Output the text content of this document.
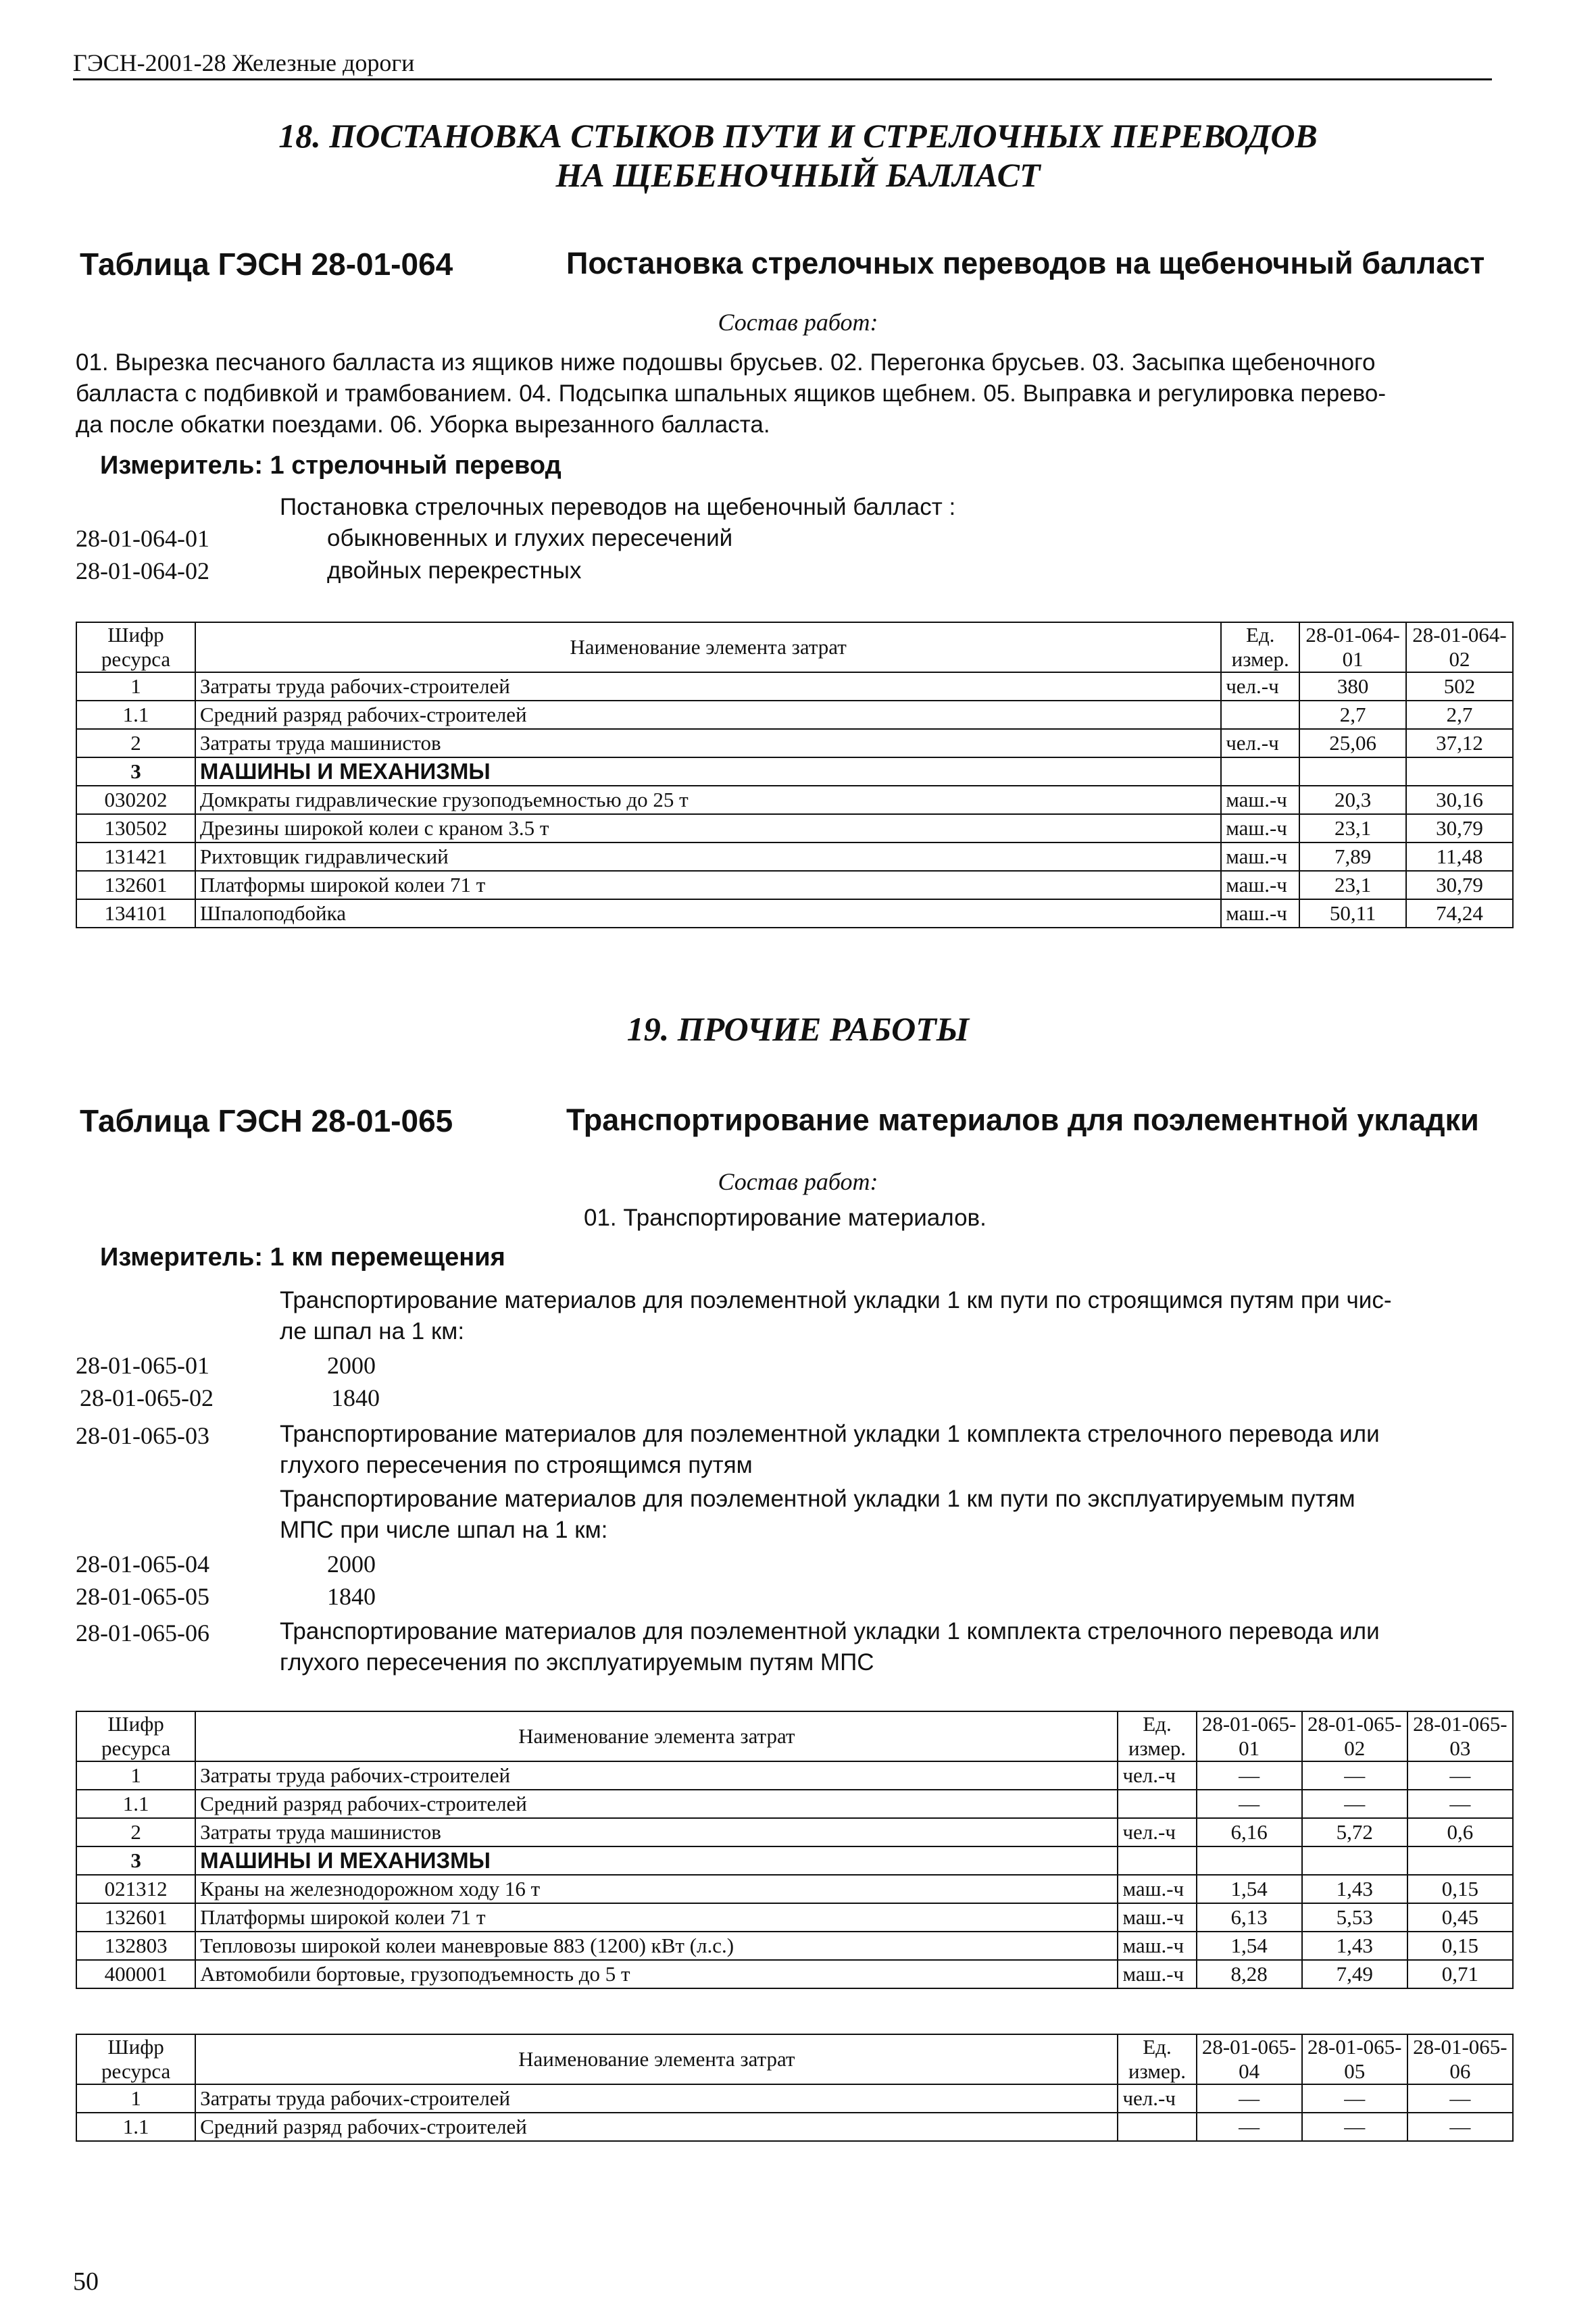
ГЭСН-2001-28 Железные дороги
18. ПОСТАНОВКА СТЫКОВ ПУТИ И СТРЕЛОЧНЫХ ПЕРЕВОДОВ НА ЩЕБЕНОЧНЫЙ БАЛЛАСТ
Таблица ГЭСН 28-01-064	Постановка стрелочных переводов на щебеночный балласт
Состав работ:
01. Вырезка песчаного балласта из ящиков ниже подошвы брусьев. 02. Перегонка брусьев. 03. Засыпка щебеночного
балласта с подбивкой и трамбованием. 04. Подсыпка шпальных ящиков щебнем. 05. Выправка и регулировка перево-
да после обкатки поездами. 06. Уборка вырезанного балласта.
Измеритель: 1 стрелочный перевод
Постановка стрелочных переводов на щебеночный балласт :
28-01-064-01	обыкновенных и глухих пересечений
28-01-064-02	двойных перекрестных
Шифр ресурса	Наименование элемента затрат	Ед. измер.	28-01-064-01	28-01-064-02
1	Затраты труда рабочих-строителей	чел.-ч	380	502
1.1	Средний разряд рабочих-строителей		2,7	2,7
2	Затраты труда машинистов	чел.-ч	25,06	37,12
3	МАШИНЫ И МЕХАНИЗМЫ			
030202	Домкраты гидравлические грузоподъемностью до 25 т	маш.-ч	20,3	30,16
130502	Дрезины широкой колеи с краном 3.5 т	маш.-ч	23,1	30,79
131421	Рихтовщик гидравлический	маш.-ч	7,89	11,48
132601	Платформы широкой колеи 71 т	маш.-ч	23,1	30,79
134101	Шпалоподбойка	маш.-ч	50,11	74,24
19. ПРОЧИЕ РАБОТЫ
Таблица ГЭСН 28-01-065	Транспортирование материалов для поэлементной укладки
Состав работ:
01. Транспортирование материалов.
Измеритель: 1 км перемещения
Транспортирование материалов для поэлементной укладки 1 км пути по строящимся путям при чис-
ле шпал на 1 км:
28-01-065-01	2000
28-01-065-02	1840
28-01-065-03	Транспортирование материалов для поэлементной укладки 1 комплекта стрелочного перевода или
глухого пересечения по строящимся путям
Транспортирование материалов для поэлементной укладки 1 км пути по эксплуатируемым путям
МПС при числе шпал на 1 км:
28-01-065-04	2000
28-01-065-05	1840
28-01-065-06	Транспортирование материалов для поэлементной укладки 1 комплекта стрелочного перевода или
глухого пересечения по эксплуатируемым путям МПС
Шифр ресурса	Наименование элемента затрат	Ед. измер.	28-01-065-01	28-01-065-02	28-01-065-03
1	Затраты труда рабочих-строителей	чел.-ч	—	—	—
1.1	Средний разряд рабочих-строителей		—	—	—
2	Затраты труда машинистов	чел.-ч	6,16	5,72	0,6
3	МАШИНЫ И МЕХАНИЗМЫ				
021312	Краны на железнодорожном ходу 16 т	маш.-ч	1,54	1,43	0,15
132601	Платформы широкой колеи 71 т	маш.-ч	6,13	5,53	0,45
132803	Тепловозы широкой колеи маневровые 883 (1200) кВт (л.с.)	маш.-ч	1,54	1,43	0,15
400001	Автомобили бортовые, грузоподъемность до 5 т	маш.-ч	8,28	7,49	0,71
Шифр ресурса	Наименование элемента затрат	Ед. измер.	28-01-065-04	28-01-065-05	28-01-065-06
1	Затраты труда рабочих-строителей	чел.-ч	—	—	—
1.1	Средний разряд рабочих-строителей		—	—	—
50
